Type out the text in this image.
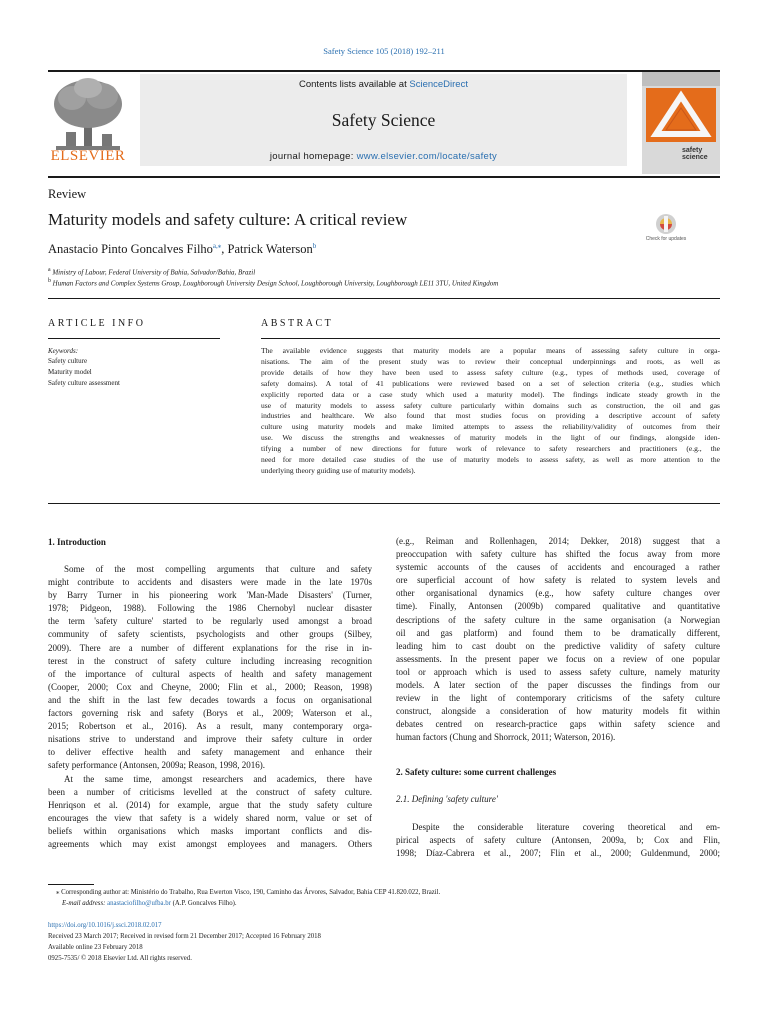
Safety Science 105 (2018) 192–211
ELSEVIER
Contents lists available at ScienceDirect
Safety Science
journal homepage: www.elsevier.com/locate/safety
safety science
Review
Maturity models and safety culture: A critical review
Check for updates
Anastacio Pinto Goncalves Filho$^{a,⁎}$, Patrick Waterson$^b$
$^a$ Ministry of Labour, Federal University of Bahia, Salvador/Bahia, Brazil
$^b$ Human Factors and Complex Systems Group, Loughborough University Design School, Loughborough University, Loughborough LE11 3TU, United Kingdom
ARTICLE INFO
Keywords:
Safety culture
Maturity model
Safety culture assessment
ABSTRACT
The available evidence suggests that maturity models are a popular means of assessing safety culture in orga-
nisations. The aim of the present study was to review their conceptual underpinnings and roots, as well as
provide details of how they have been used to assess safety culture (e.g., types of methods used, coverage of
safety domains). A total of 41 publications were reviewed based on a set of selection criteria (e.g., studies which
explicitly reported data or a case study which used a maturity model). The findings indicate steady growth in the
use of maturity models to assess safety culture particularly within domains such as construction, the oil and gas
industries and healthcare. We also found that most studies focus on providing a descriptive account of safety
culture using maturity models and make limited attempts to assess the reliability/validity of outcomes from their
use. We discuss the strengths and weaknesses of maturity models in the light of our findings, alongside iden-
tifying a number of new directions for future work of relevance to safety researchers and practitioners (e.g., the
need for more detailed case studies of the use of maturity models to assess safety, as well as more attention to the
underlying theory guiding use of maturity models).
1. Introduction
Some of the most compelling arguments that culture and safety
might contribute to accidents and disasters were made in the late 1970s
by Barry Turner in his pioneering work 'Man-Made Disasters' (Turner,
1978; Pidgeon, 1988). Following the 1986 Chernobyl nuclear disaster
the term 'safety culture' started to be regularly used amongst a broad
community of safety scientists, psychologists and other groups (Silbey,
2009). There are a number of different explanations for the rise in in-
terest in the construct of safety culture including increasing recognition
of the importance of cultural aspects of health and safety management
(Cooper, 2000; Cox and Cheyne, 2000; Flin et al., 2000; Reason, 1998)
and the shift in the last few decades towards a focus on organisational
factors governing risk and safety (Borys et al., 2009; Waterson et al.,
2015; Robertson et al., 2016). As a result, many contemporary orga-
nisations strive to understand and improve their safety culture in order
to deliver effective health and safety management and enhance their
safety performance (Antonsen, 2009a; Reason, 1998, 2016).
At the same time, amongst researchers and academics, there have
been a number of criticisms levelled at the construct of safety culture.
Henriqson et al. (2014) for example, argue that the study safety culture
encourages the view that safety is a widely shared norm, value or set of
beliefs within organisations which masks important conflicts and dis-
agreements which may exist amongst employees and managers. Others
(e.g., Reiman and Rollenhagen, 2014; Dekker, 2018) suggest that a
preoccupation with safety culture has shifted the focus away from more
systemic accounts of the causes of accidents and encouraged a rather
ore superficial account of how safety is related to system levels and
other organisational dynamics (e.g., how safety culture changes over
time). Finally, Antonsen (2009b) compared qualitative and quantitative
descriptions of the safety culture in the same organisation (a Norwegian
oil and gas platform) and found them to be dramatically different,
leading him to cast doubt on the predictive validity of safety culture
assessments. In the present paper we focus on a review of one popular
tool or approach which is used to assess safety culture, namely maturity
models. A later section of the paper discusses the findings from our
review in the light of contemporary criticisms of the safety culture
construct, alongside a consideration of how maturity models fit within
debates centred on research-practice gaps within safety science and
human factors (Chung and Shorrock, 2011; Waterson, 2016).
2. Safety culture: some current challenges
2.1. Defining 'safety culture'
Despite the considerable literature covering theoretical and em-
pirical aspects of safety culture (Antonsen, 2009a, b; Cox and Flin,
1998; Díaz-Cabrera et al., 2007; Flin et al., 2000; Guldenmund, 2000;
⁎ Corresponding author at: Ministério do Trabalho, Rua Ewerton Visco, 190, Caminho das Árvores, Salvador, Bahia CEP 41.820.022, Brazil.
E-mail address: anastaciofilho@ufba.br (A.P. Goncalves Filho).
https://doi.org/10.1016/j.ssci.2018.02.017
Received 23 March 2017; Received in revised form 21 December 2017; Accepted 16 February 2018
Available online 23 February 2018
0925-7535/ © 2018 Elsevier Ltd. All rights reserved.
